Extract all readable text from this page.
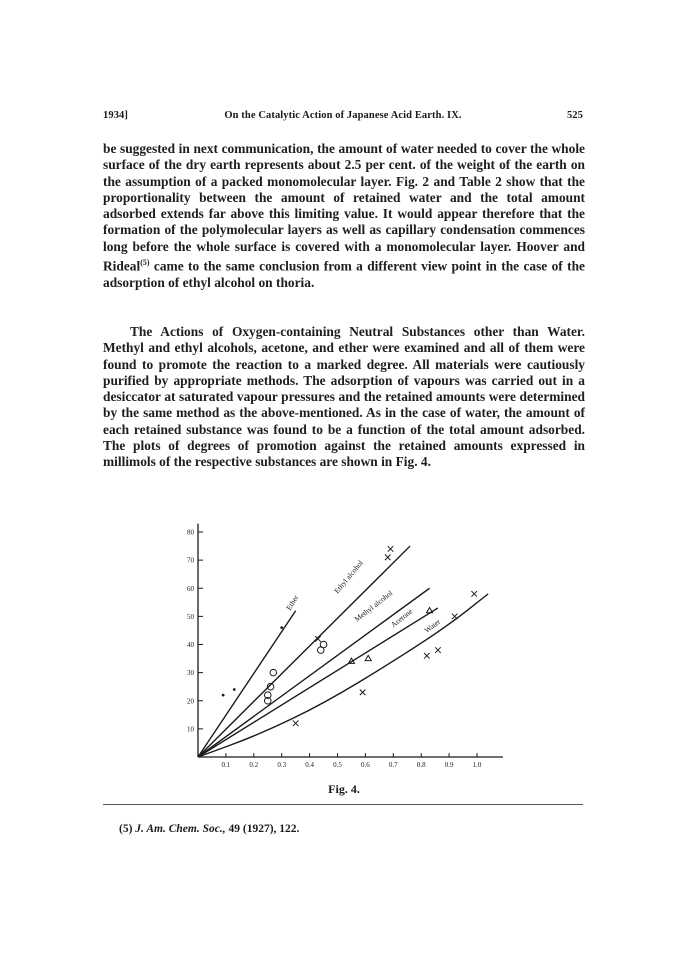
1934]	On the Catalytic Action of Japanese Acid Earth. IX.	525
be suggested in next communication, the amount of water needed to cover the whole surface of the dry earth represents about 2.5 per cent. of the weight of the earth on the assumption of a packed monomolecular layer. Fig. 2 and Table 2 show that the proportionality between the amount of retained water and the total amount adsorbed extends far above this limiting value. It would appear therefore that the formation of the polymolecular layers as well as capillary condensation commences long before the whole surface is covered with a monomolecular layer. Hoover and Rideal$^{(5)}$ came to the same conclusion from a different view point in the case of the adsorption of ethyl alcohol on thoria.
The Actions of Oxygen-containing Neutral Substances other than Water. Methyl and ethyl alcohols, acetone, and ether were examined and all of them were found to promote the reaction to a marked degree. All materials were cautiously purified by appropriate methods. The adsorption of vapours was carried out in a desiccator at saturated vapour pressures and the retained amounts were determined by the same method as the above-mentioned. As in the case of water, the amount of each retained substance was found to be a function of the total amount adsorbed. The plots of degrees of promotion against the retained amounts expressed in millimols of the respective substances are shown in Fig. 4.
0.1	0.2	0.3	0.4	0.5	0.6	0.7	0.8	0.9	1.0
10
20
30
40
50
60
70
80
Ether
Ethyl alcohol
Methyl alcohol
Acetone Water
Fig. 4.
(5) J. Am. Chem. Soc., 49 (1927), 122.
